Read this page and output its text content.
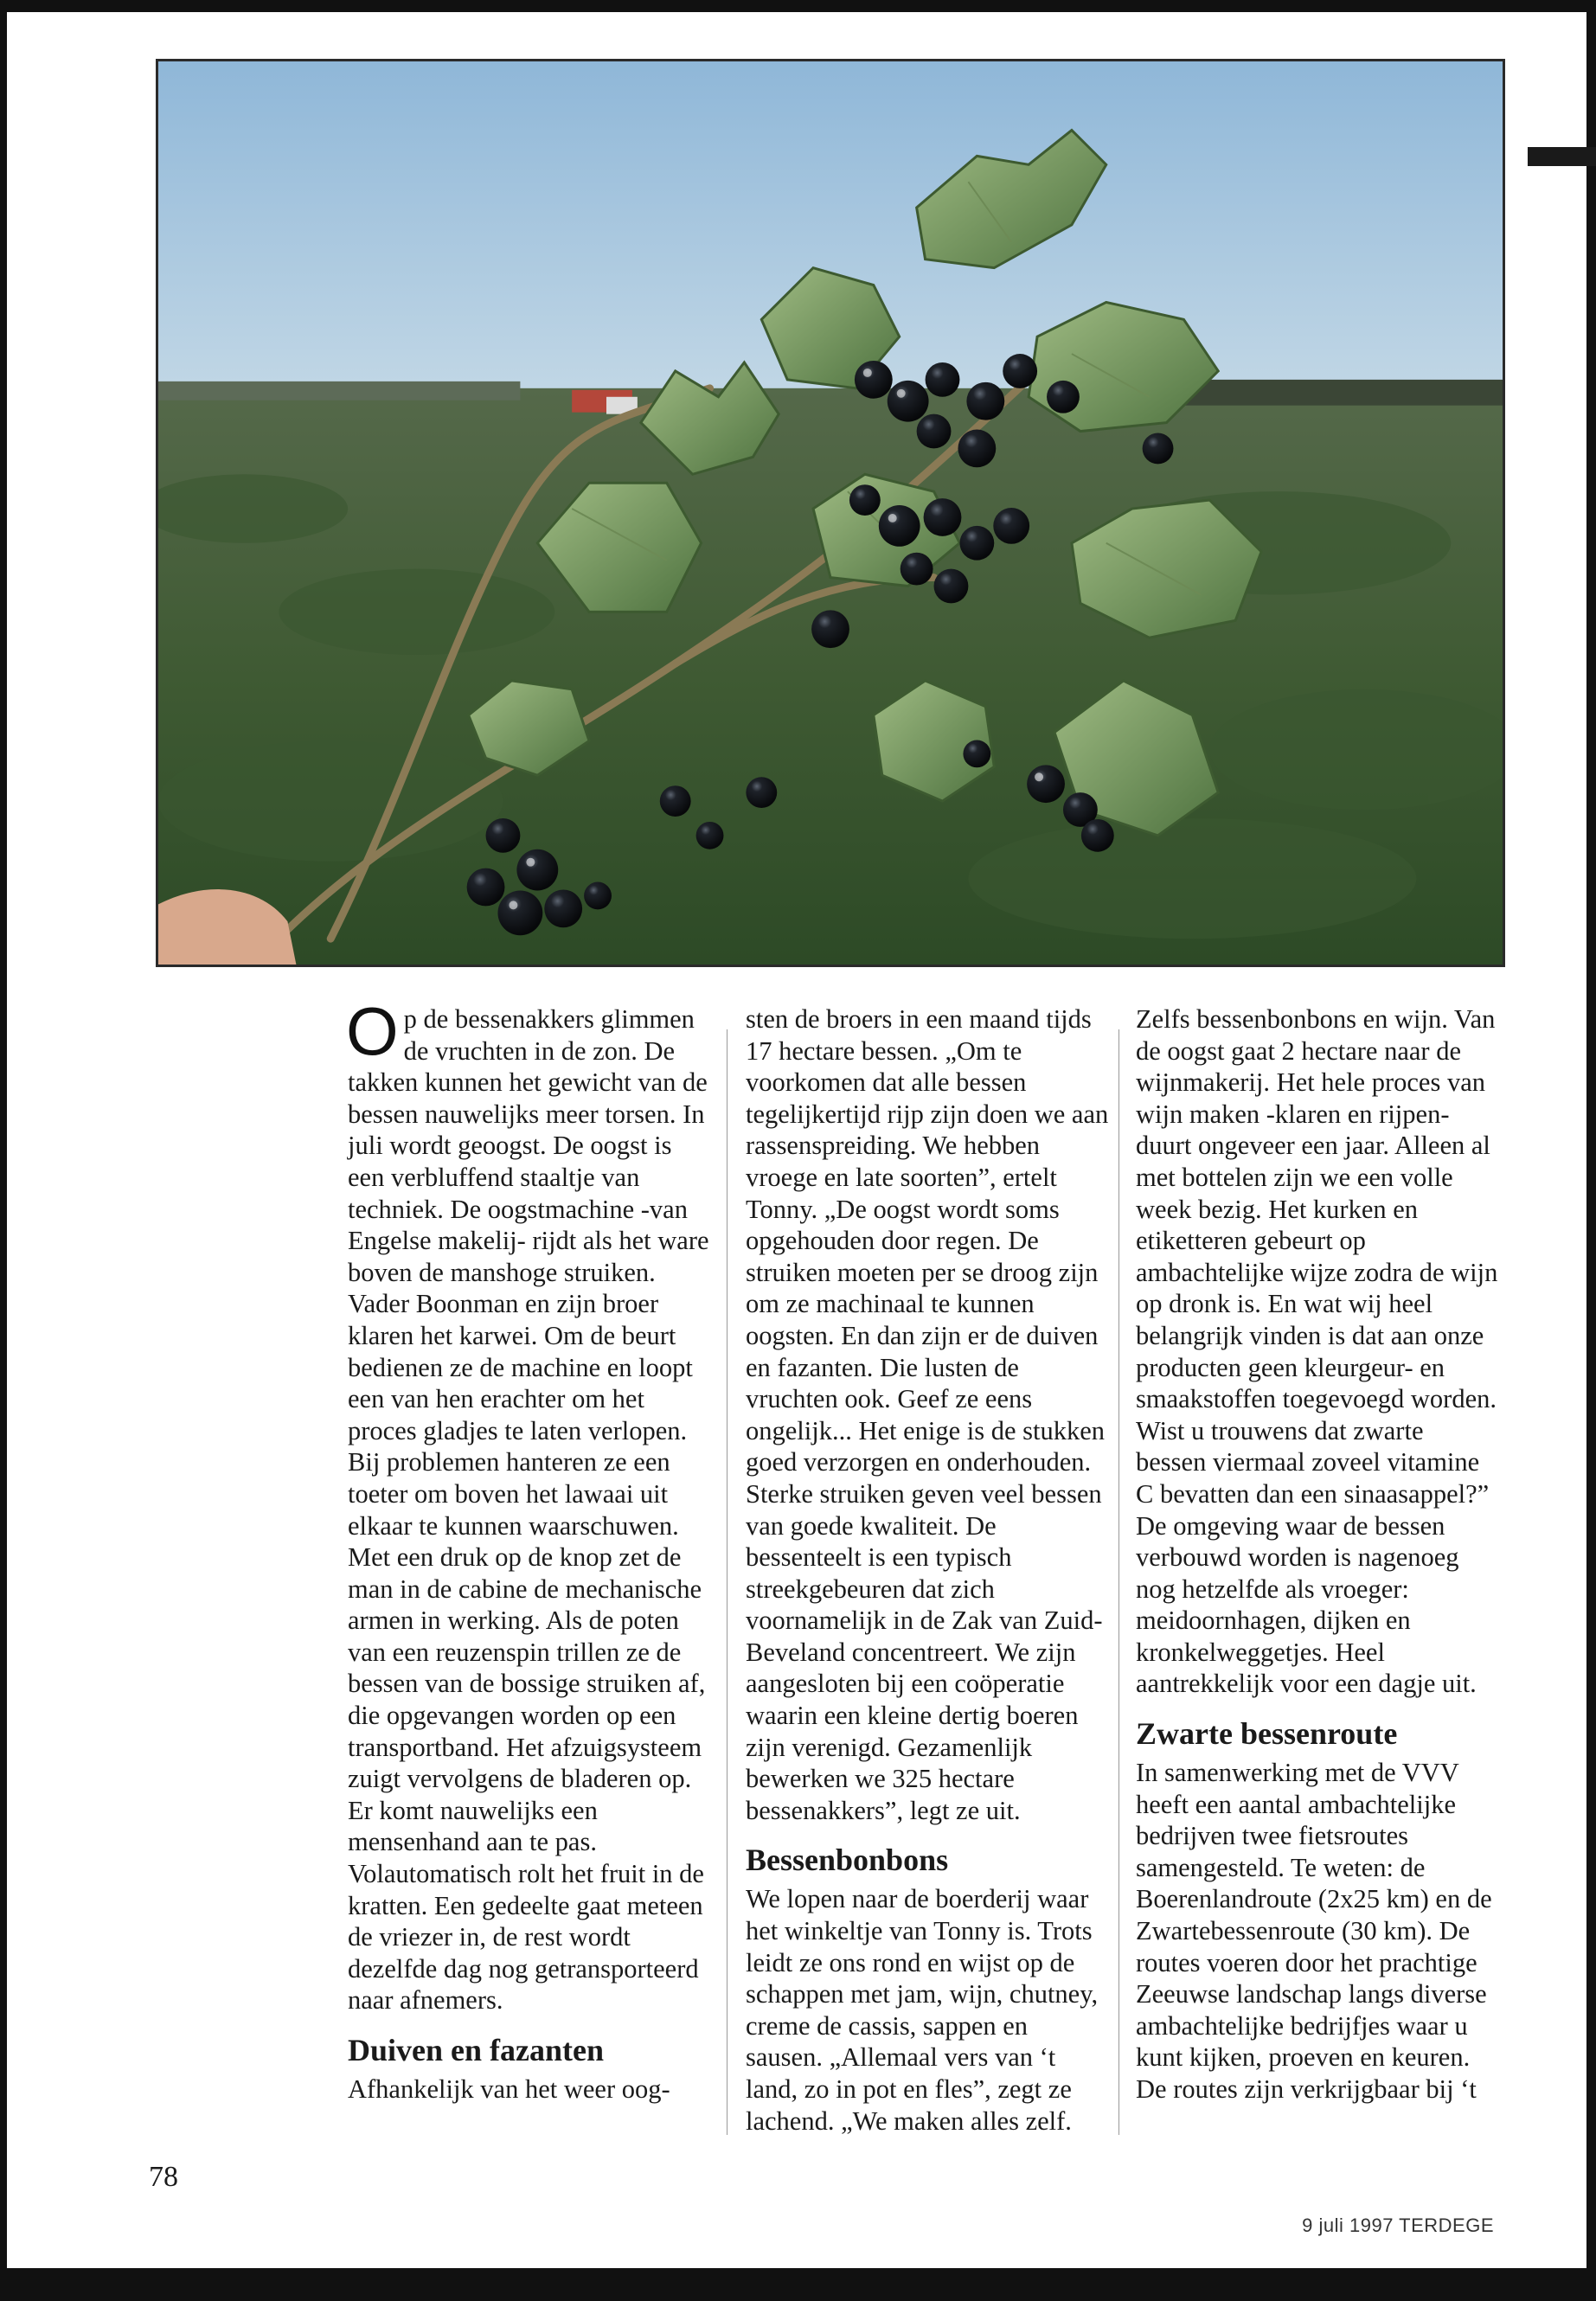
Op de bessenakkers glimmen de vruchten in de zon. De takken kunnen het gewicht van de bessen nauwelijks meer torsen. In juli wordt geoogst. De oogst is een verbluffend staaltje van techniek. De oogstmachine -van Engelse makelij- rijdt als het ware boven de manshoge struiken. Vader Boonman en zijn broer klaren het karwei. Om de beurt bedienen ze de machine en loopt een van hen erachter om het proces gladjes te laten verlopen. Bij problemen hanteren ze een toeter om boven het lawaai uit elkaar te kunnen waarschuwen. Met een druk op de knop zet de man in de cabine de mechanische armen in werking. Als de poten van een reuzenspin trillen ze de bessen van de bossige struiken af, die opgevangen worden op een transportband. Het afzuigsysteem zuigt vervolgens de bladeren op. Er komt nauwelijks een mensenhand aan te pas. Volautomatisch rolt het fruit in de kratten. Een gedeelte gaat meteen de vriezer in, de rest wordt dezelfde dag nog getransporteerd naar afnemers.

Duiven en fazanten

Afhankelijk van het weer oog-

sten de broers in een maand tijds 17 hectare bessen. „Om te voorkomen dat alle bessen tegelijkertijd rijp zijn doen we aan rassenspreiding. We hebben vroege en late soorten”, ertelt Tonny. „De oogst wordt soms opgehouden door regen. De struiken moeten per se droog zijn om ze machinaal te kunnen oogsten. En dan zijn er de duiven en fazanten. Die lusten de vruchten ook. Geef ze eens ongelijk... Het enige is de stukken goed verzorgen en onderhouden. Sterke struiken geven veel bessen van goede kwaliteit. De bessenteelt is een typisch streekgebeuren dat zich voornamelijk in de Zak van Zuid-Beveland concentreert. We zijn aangesloten bij een coöperatie waarin een kleine dertig boeren zijn verenigd. Gezamenlijk bewerken we 325 hectare bessenakkers”, legt ze uit.

Bessenbonbons

We lopen naar de boerderij waar het winkeltje van Tonny is. Trots leidt ze ons rond en wijst op de schappen met jam, wijn, chutney, creme de cassis, sappen en sausen. „Allemaal vers van ‘t land, zo in pot en fles”, zegt ze lachend. „We maken alles zelf.

Zelfs bessenbonbons en wijn. Van de oogst gaat 2 hectare naar de wijnmakerij. Het hele proces van wijn maken -klaren en rijpen- duurt ongeveer een jaar. Alleen al met bottelen zijn we een volle week bezig. Het kurken en etiketteren gebeurt op ambachtelijke wijze zodra de wijn op dronk is. En wat wij heel belangrijk vinden is dat aan onze producten geen kleurgeur- en smaakstoffen toegevoegd worden. Wist u trouwens dat zwarte bessen viermaal zoveel vitamine C bevatten dan een sinaasappel?”

De omgeving waar de bessen verbouwd worden is nagenoeg nog hetzelfde als vroeger: meidoornhagen, dijken en kronkelweggetjes. Heel aantrekkelijk voor een dagje uit.

Zwarte bessenroute

In samenwerking met de VVV heeft een aantal ambachtelijke bedrijven twee fietsroutes samengesteld. Te weten: de Boerenlandroute (2x25 km) en de Zwartebessenroute (30 km). De routes voeren door het prachtige Zeeuwse landschap langs diverse ambachtelijke bedrijfjes waar u kunt kijken, proeven en keuren. De routes zijn verkrijgbaar bij ‘t

78
9 juli 1997 TERDEGE
